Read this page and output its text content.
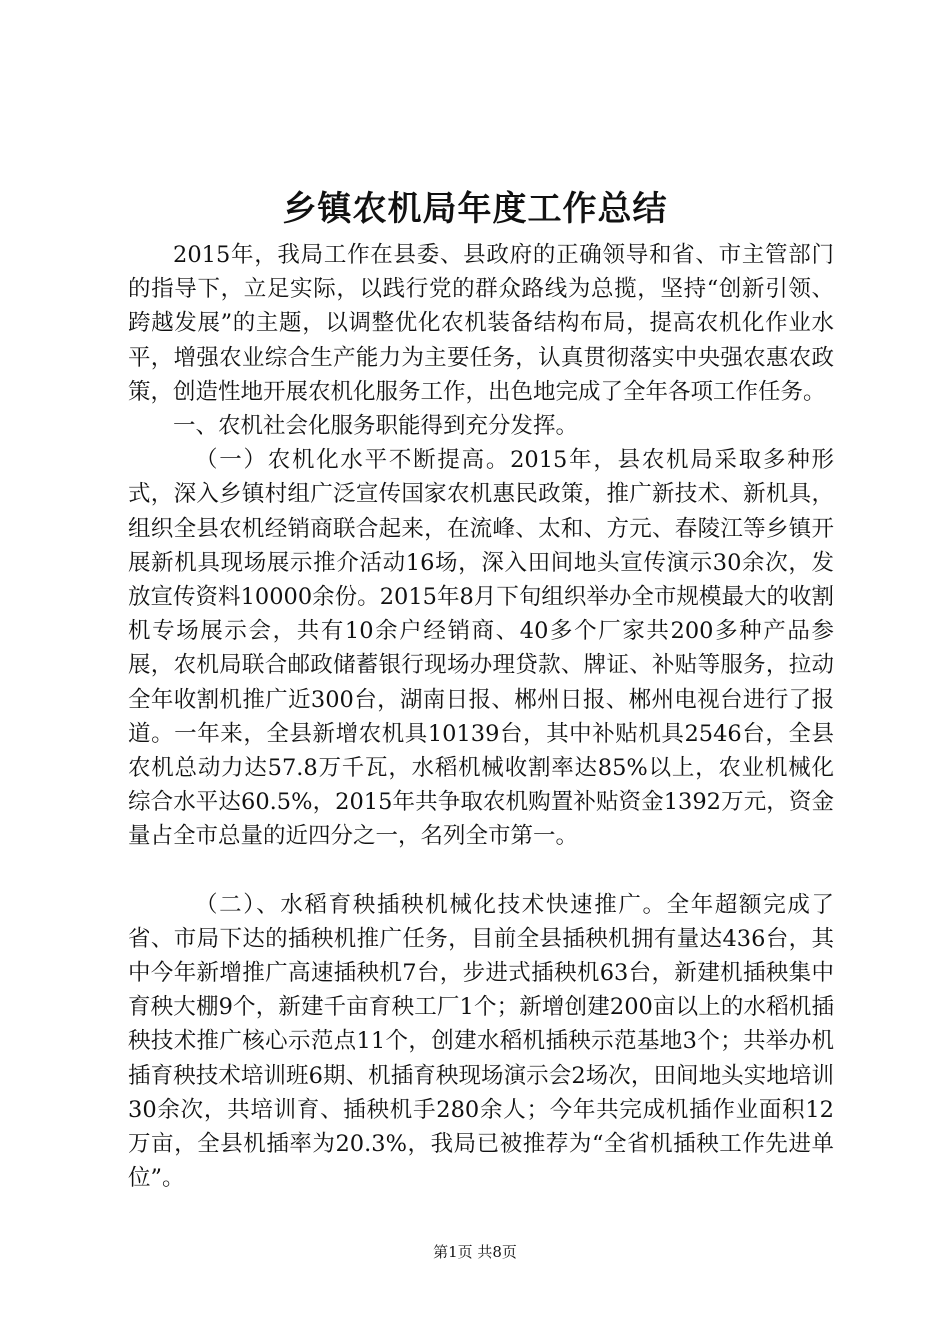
乡镇农机局年度工作总结

2015年，我局工作在县委、县政府的正确领导和省、市主管部门的指导下，立足实际，以践行党的群众路线为总揽，坚持“创新引领、跨越发展”的主题，以调整优化农机装备结构布局，提高农机化作业水平，增强农业综合生产能力为主要任务，认真贯彻落实中央强农惠农政策，创造性地开展农机化服务工作，出色地完成了全年各项工作任务。

一、农机社会化服务职能得到充分发挥。

（一）农机化水平不断提高。2015年，县农机局采取多种形式，深入乡镇村组广泛宣传国家农机惠民政策，推广新技术、新机具，组织全县农机经销商联合起来，在流峰、太和、方元、春陵江等乡镇开展新机具现场展示推介活动16场，深入田间地头宣传演示30余次，发放宣传资料10000余份。2015年8月下旬组织举办全市规模最大的收割机专场展示会，共有10余户经销商、40多个厂家共200多种产品参展，农机局联合邮政储蓄银行现场办理贷款、牌证、补贴等服务，拉动全年收割机推广近300台，湖南日报、郴州日报、郴州电视台进行了报道。一年来，全县新增农机具10139台，其中补贴机具2546台，全县农机总动力达57.8万千瓦，水稻机械收割率达85%以上，农业机械化综合水平达60.5%，2015年共争取农机购置补贴资金1392万元，资金量占全市总量的近四分之一，名列全市第一。

（二）、水稻育秧插秧机械化技术快速推广。全年超额完成了省、市局下达的插秧机推广任务，目前全县插秧机拥有量达436台，其中今年新增推广高速插秧机7台，步进式插秧机63台，新建机插秧集中育秧大棚9个，新建千亩育秧工厂1个；新增创建200亩以上的水稻机插秧技术推广核心示范点11个，创建水稻机插秧示范基地3个；共举办机插育秧技术培训班6期、机插育秧现场演示会2场次，田间地头实地培训30余次，共培训育、插秧机手280余人；今年共完成机插作业面积12万亩，全县机插率为20.3%，我局已被推荐为“全省机插秧工作先进单位”。

第1页 共8页
